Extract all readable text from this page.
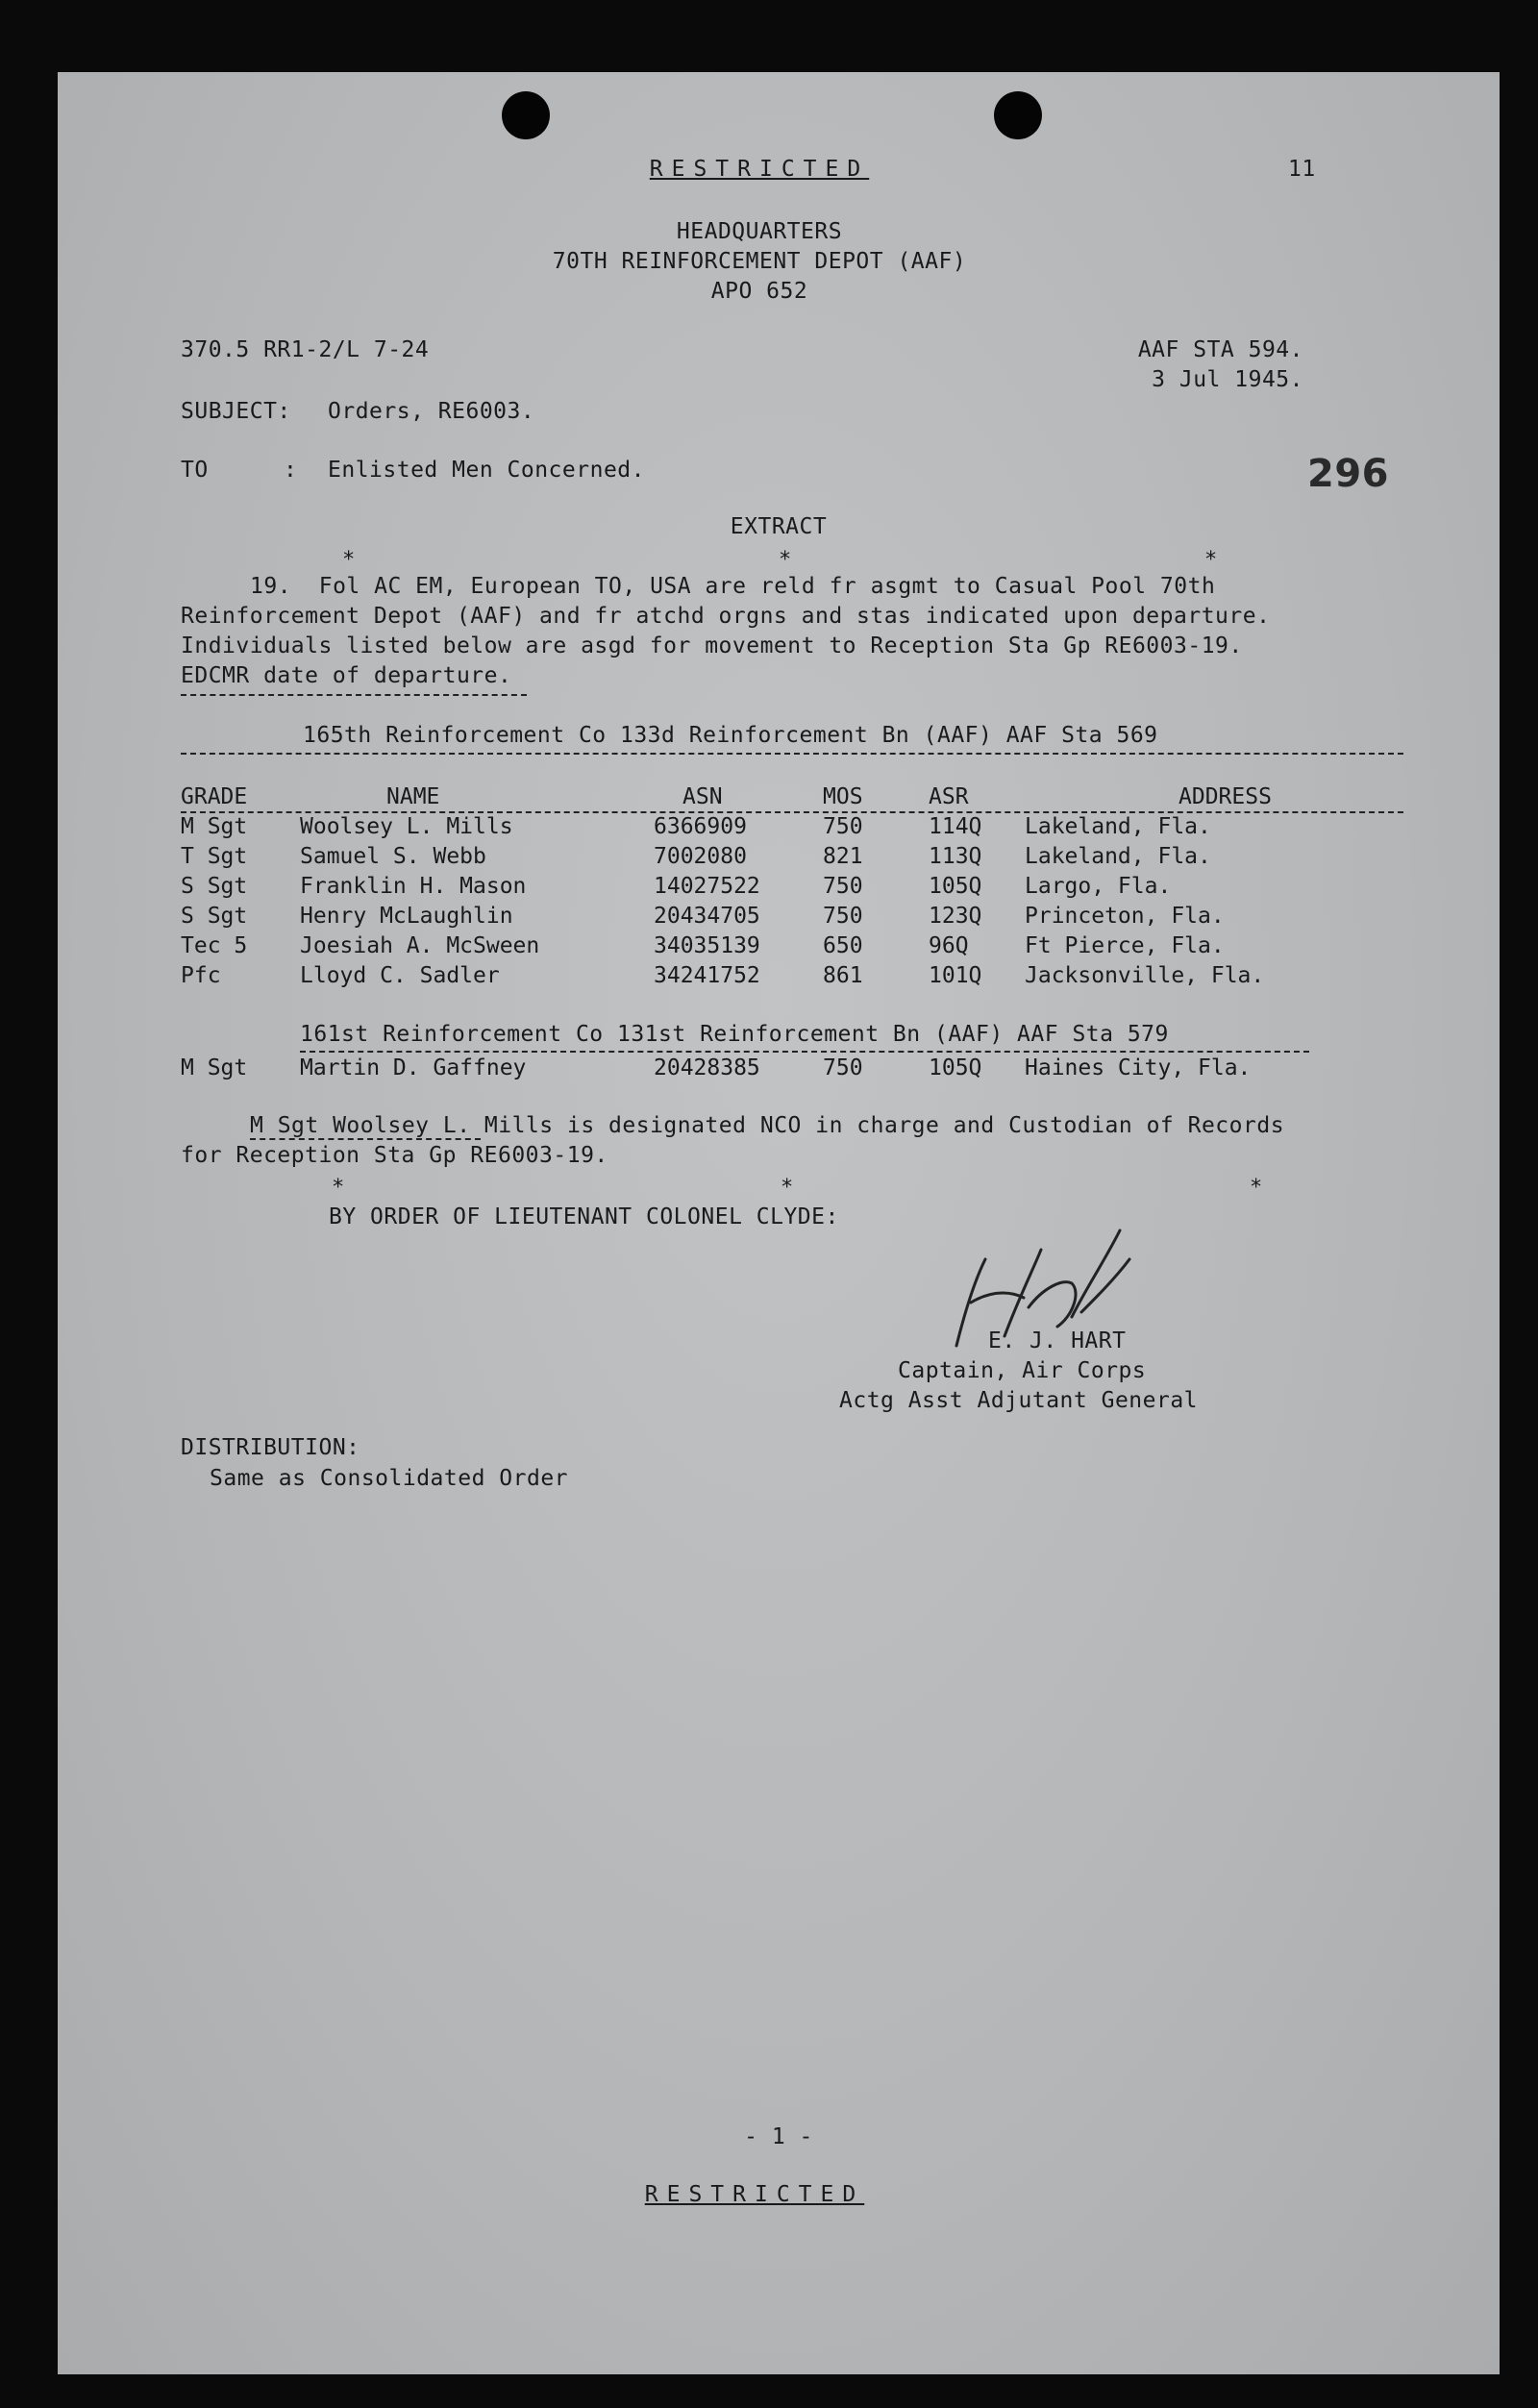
RESTRICTED	11
HEADQUARTERS
70TH REINFORCEMENT DEPOT (AAF)
APO 652
370.5 RR1-2/L 7-24	AAF STA 594.
3 Jul 1945.
SUBJECT: Orders, RE6003.
TO	: Enlisted Men Concerned.	296
EXTRACT
*	*	*
19.  Fol AC EM, European TO, USA are reld fr asgmt to Casual Pool 70th
Reinforcement Depot (AAF) and fr atchd orgns and stas indicated upon departure.
Individuals listed below are asgd for movement to Reception Sta Gp RE6003-19.
EDCMR date of departure.
165th Reinforcement Co 133d Reinforcement Bn (AAF) AAF Sta 569
GRADE	NAME	ASN	MOS	ASR	ADDRESS
M Sgt	Woolsey L. Mills	6366909	750	114Q	Lakeland, Fla.
T Sgt	Samuel S. Webb	7002080	821	113Q	Lakeland, Fla.
S Sgt	Franklin H. Mason	14027522	750	105Q	Largo, Fla.
S Sgt	Henry McLaughlin	20434705	750	123Q	Princeton, Fla.
Tec 5	Joesiah A. McSween	34035139	650	96Q	Ft Pierce, Fla.
Pfc	Lloyd C. Sadler	34241752	861	101Q	Jacksonville, Fla.
161st Reinforcement Co 131st Reinforcement Bn (AAF) AAF Sta 579
M Sgt	Martin D. Gaffney	20428385	750	105Q	Haines City, Fla.
M Sgt Woolsey L. Mills is designated NCO in charge and Custodian of Records
for Reception Sta Gp RE6003-19.
*	*	*
BY ORDER OF LIEUTENANT COLONEL CLYDE:
E. J. HART
Captain, Air Corps
Actg Asst Adjutant General
DISTRIBUTION:
Same as Consolidated Order
- 1 -
RESTRICTED
